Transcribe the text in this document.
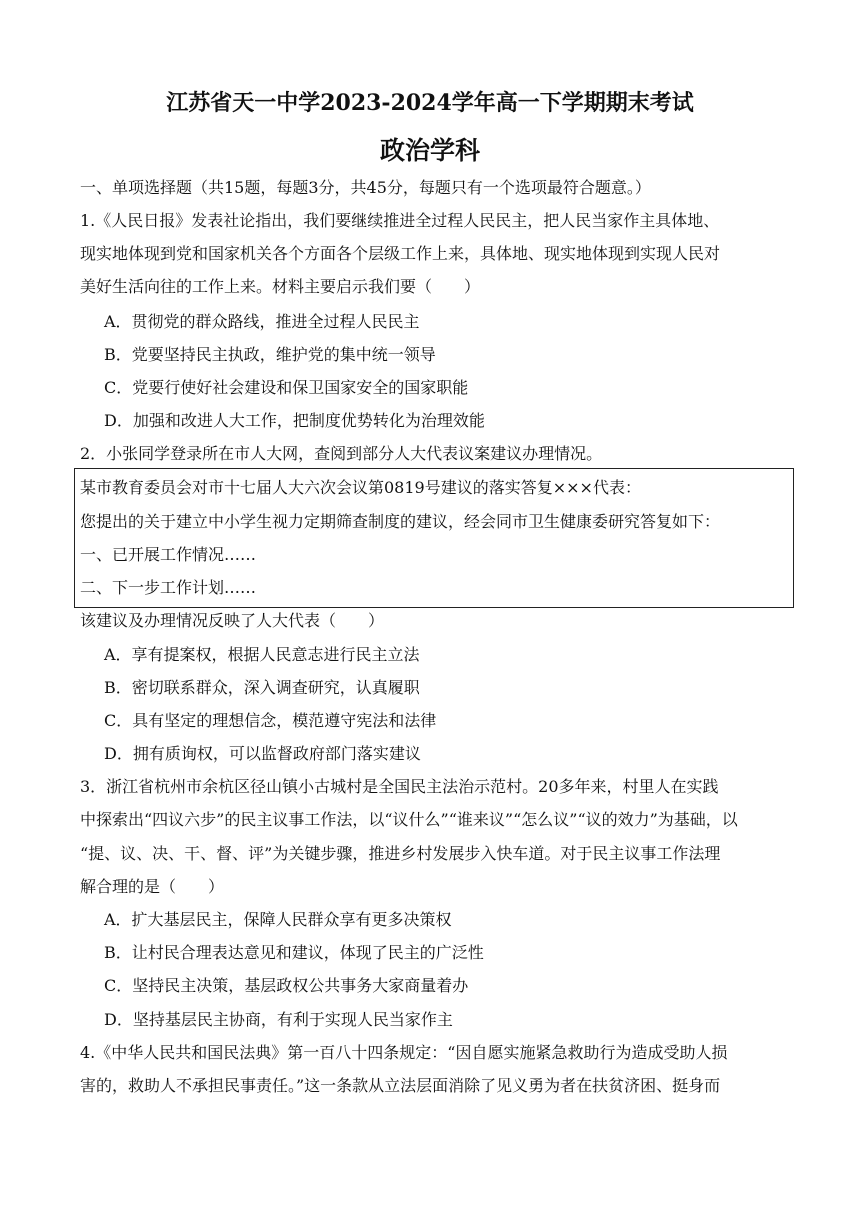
江苏省天一中学2023-2024学年高一下学期期末考试
政治学科
一、单项选择题（共15题，每题3分，共45分，每题只有一个选项最符合题意。）
1.《人民日报》发表社论指出，我们要继续推进全过程人民民主，把人民当家作主具体地、
现实地体现到党和国家机关各个方面各个层级工作上来，具体地、现实地体现到实现人民对
美好生活向往的工作上来。材料主要启示我们要（　　）
A．贯彻党的群众路线，推进全过程人民民主
B．党要坚持民主执政，维护党的集中统一领导
C．党要行使好社会建设和保卫国家安全的国家职能
D．加强和改进人大工作，把制度优势转化为治理效能
2．小张同学登录所在市人大网，查阅到部分人大代表议案建议办理情况。
某市教育委员会对市十七届人大六次会议第0819号建议的落实答复×××代表：
您提出的关于建立中小学生视力定期筛查制度的建议，经会同市卫生健康委研究答复如下：
一、已开展工作情况……
二、下一步工作计划……
该建议及办理情况反映了人大代表（　　）
A．享有提案权，根据人民意志进行民主立法
B．密切联系群众，深入调查研究，认真履职
C．具有坚定的理想信念，模范遵守宪法和法律
D．拥有质询权，可以监督政府部门落实建议
3．浙江省杭州市余杭区径山镇小古城村是全国民主法治示范村。20多年来，村里人在实践
中探索出“四议六步”的民主议事工作法，以“议什么”“谁来议”“怎么议”“议的效力”为基础，以
“提、议、决、干、督、评”为关键步骤，推进乡村发展步入快车道。对于民主议事工作法理
解合理的是（　　）
A．扩大基层民主，保障人民群众享有更多决策权
B．让村民合理表达意见和建议，体现了民主的广泛性
C．坚持民主决策，基层政权公共事务大家商量着办
D．坚持基层民主协商，有利于实现人民当家作主
4.《中华人民共和国民法典》第一百八十四条规定：“因自愿实施紧急救助行为造成受助人损
害的，救助人不承担民事责任。”这一条款从立法层面消除了见义勇为者在扶贫济困、挺身而
